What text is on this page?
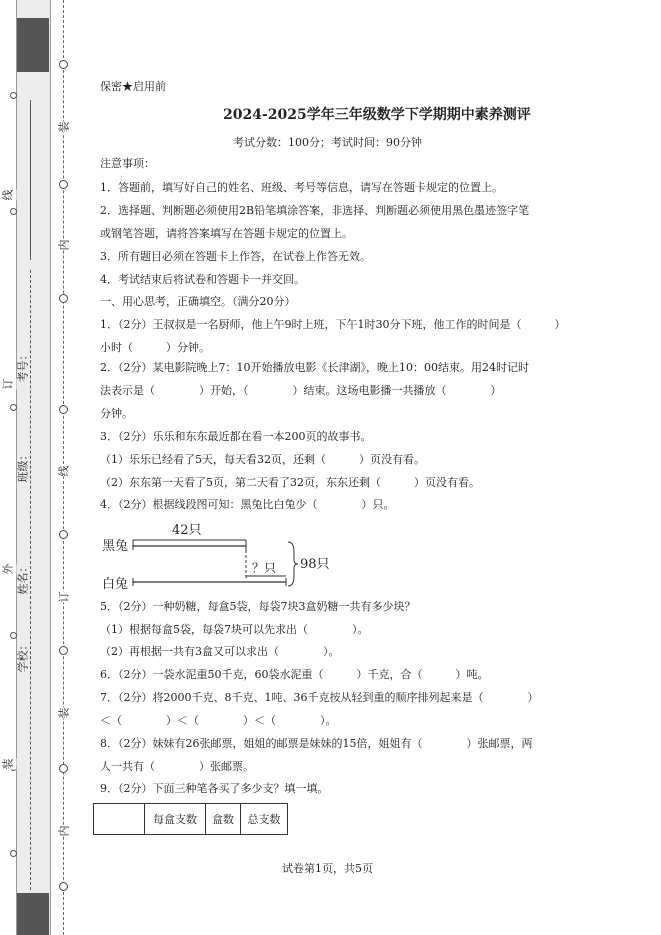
考号：
班级：
姓名：
学校：
线
订
外
装
装
内
线
订
装
内
保密★启用前
2024-2025学年三年级数学下学期期中素养测评
考试分数：100分；考试时间：90分钟
注意事项：
1．答题前，填写好自己的姓名、班级、考号等信息，请写在答题卡规定的位置上。
2．选择题、判断题必须使用2B铅笔填涂答案，非选择、判断题必须使用黑色墨迹签字笔
或钢笔答题，请将答案填写在答题卡规定的位置上。
3．所有题目必须在答题卡上作答，在试卷上作答无效。
4．考试结束后将试卷和答题卡一并交回。
一、用心思考，正确填空。（满分20分）
1．（2分）王叔叔是一名厨师，他上午9时上班，下午1时30分下班，他工作的时间是（　　　）
小时（　　　）分钟。
2．（2分）某电影院晚上7：10开始播放电影《长津湖》，晚上10：00结束。用24时记时
法表示是（　　　　）开始，（　　　　）结束。这场电影播一共播放（　　　　）
分钟。
3．（2分）乐乐和东东最近都在看一本200页的故事书。
（1）乐乐已经看了5天，每天看32页，还剩（　　　）页没有看。
（2）东东第一天看了5页，第二天看了32页，东东还剩（　　　）页没有看。
4．（2分）根据线段图可知：黑兔比白兔少（　　　　）只。
42只
黑兔
？只
白兔
98只
5．（2分）一种奶糖，每盒5袋，每袋7块3盒奶糖一共有多少块？
（1）根据每盒5袋，每袋7块可以先求出（　　　　）。
（2）再根据一共有3盒又可以求出（　　　　）。
6．（2分）一袋水泥重50千克，60袋水泥重（　　　）千克，合（　　　）吨。
7．（2分）将2000千克、8千克、1吨、36千克按从轻到重的顺序排列起来是（　　　　）
＜（　　　　）＜（　　　　）＜（　　　　）。
8．（2分）妹妹有26张邮票，姐姐的邮票是妹妹的15倍，姐姐有（　　　　）张邮票，两
人一共有（　　　　）张邮票。
9．（2分）下面三种笔各买了多少支？填一填。
	每盒支数	盒数	总支数
试卷第1页，共5页
